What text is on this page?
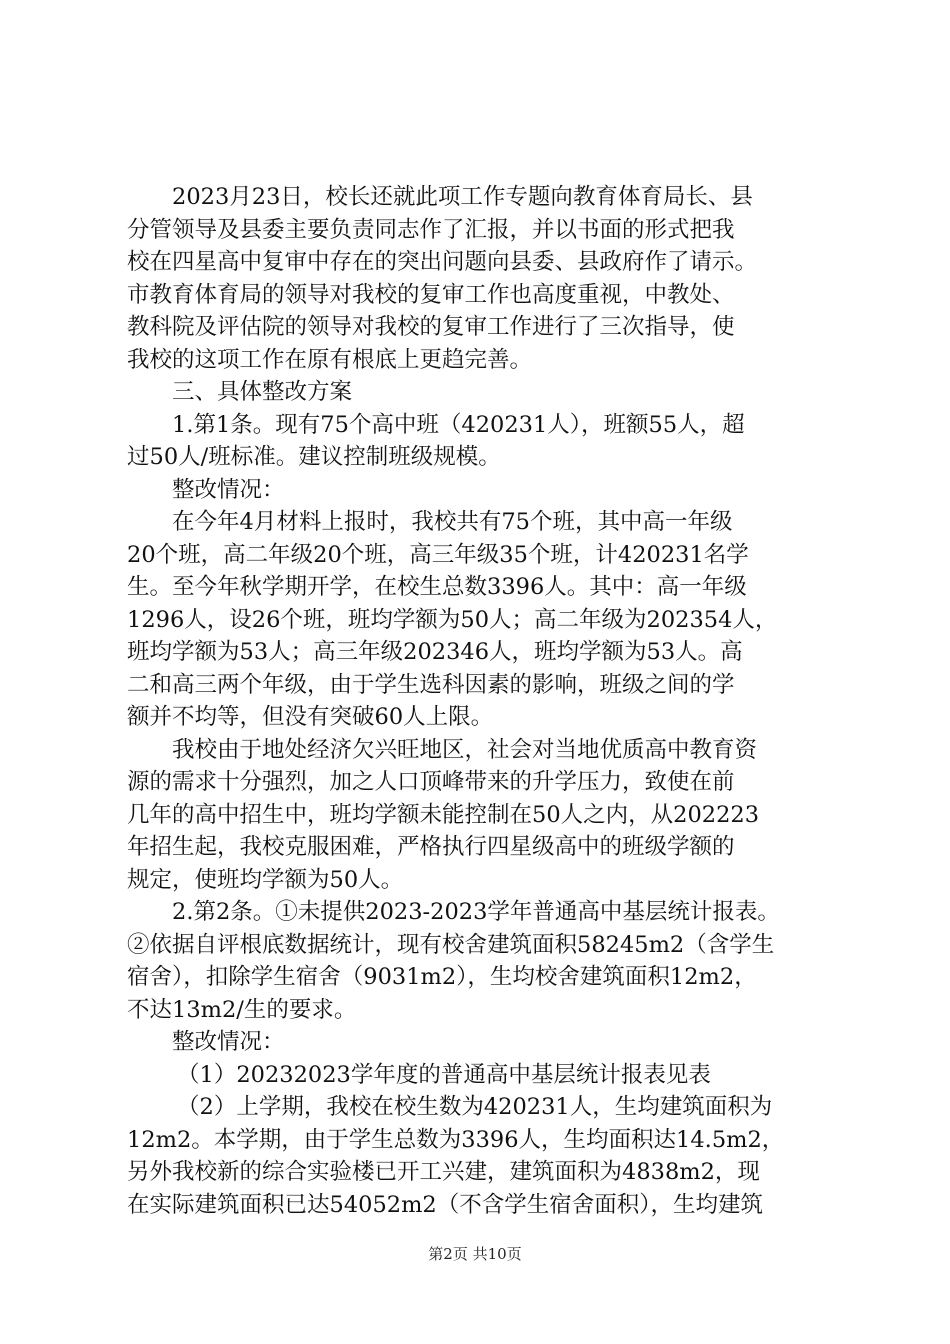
2023月23日，校长还就此项工作专题向教育体育局长、县
分管领导及县委主要负责同志作了汇报，并以书面的形式把我
校在四星高中复审中存在的突出问题向县委、县政府作了请示。
市教育体育局的领导对我校的复审工作也高度重视，中教处、
教科院及评估院的领导对我校的复审工作进行了三次指导，使
我校的这项工作在原有根底上更趋完善。
三、具体整改方案
1.第1条。现有75个高中班（420231人），班额55人，超
过50人/班标准。建议控制班级规模。
整改情况：
在今年4月材料上报时，我校共有75个班，其中高一年级
20个班，高二年级20个班，高三年级35个班，计420231名学
生。至今年秋学期开学，在校生总数3396人。其中：高一年级
1296人，设26个班，班均学额为50人；高二年级为202354人，
班均学额为53人；高三年级202346人，班均学额为53人。高
二和高三两个年级，由于学生选科因素的影响，班级之间的学
额并不均等，但没有突破60人上限。
我校由于地处经济欠兴旺地区，社会对当地优质高中教育资
源的需求十分强烈，加之人口顶峰带来的升学压力，致使在前
几年的高中招生中，班均学额未能控制在50人之内，从202223
年招生起，我校克服困难，严格执行四星级高中的班级学额的
规定，使班均学额为50人。
2.第2条。①未提供2023-2023学年普通高中基层统计报表。
②依据自评根底数据统计，现有校舍建筑面积58245m2（含学生
宿舍），扣除学生宿舍（9031m2），生均校舍建筑面积12m2，
不达13m2/生的要求。
整改情况：
（1）20232023学年度的普通高中基层统计报表见表
（2）上学期，我校在校生数为420231人，生均建筑面积为
12m2。本学期，由于学生总数为3396人，生均面积达14.5m2，
另外我校新的综合实验楼已开工兴建，建筑面积为4838m2，现
在实际建筑面积已达54052m2（不含学生宿舍面积），生均建筑
第2页 共10页
